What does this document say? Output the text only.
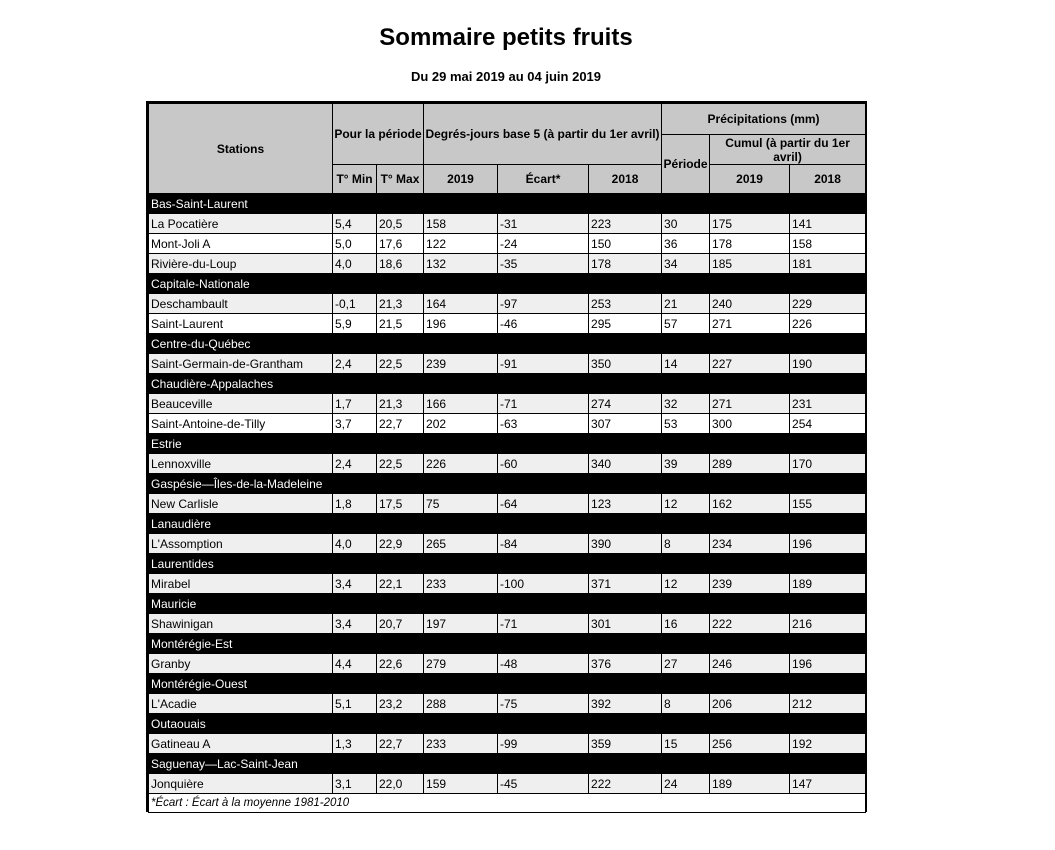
Sommaire petits fruits
Du 29 mai 2019 au 04 juin 2019
Stations	Pour la période		Degrés-jours base 5 (à partir du 1er avril)			Précipitations (mm)		
						Période	Cumul (à partir du 1er avril)	
	T° Min	T° Max	2019	Écart*	2018		2019	2018
Bas-Saint-Laurent								
La Pocatière	5,4	20,5	158	-31	223	30	175	141
Mont-Joli A	5,0	17,6	122	-24	150	36	178	158
Rivière-du-Loup	4,0	18,6	132	-35	178	34	185	181
Capitale-Nationale								
Deschambault	-0,1	21,3	164	-97	253	21	240	229
Saint-Laurent	5,9	21,5	196	-46	295	57	271	226
Centre-du-Québec								
Saint-Germain-de-Grantham	2,4	22,5	239	-91	350	14	227	190
Chaudière-Appalaches								
Beauceville	1,7	21,3	166	-71	274	32	271	231
Saint-Antoine-de-Tilly	3,7	22,7	202	-63	307	53	300	254
Estrie								
Lennoxville	2,4	22,5	226	-60	340	39	289	170
Gaspésie—Îles-de-la-Madeleine								
New Carlisle	1,8	17,5	75	-64	123	12	162	155
Lanaudière								
L'Assomption	4,0	22,9	265	-84	390	8	234	196
Laurentides								
Mirabel	3,4	22,1	233	-100	371	12	239	189
Mauricie								
Shawinigan	3,4	20,7	197	-71	301	16	222	216
Montérégie-Est								
Granby	4,4	22,6	279	-48	376	27	246	196
Montérégie-Ouest								
L'Acadie	5,1	23,2	288	-75	392	8	206	212
Outaouais								
Gatineau A	1,3	22,7	233	-99	359	15	256	192
Saguenay—Lac-Saint-Jean								
Jonquière	3,1	22,0	159	-45	222	24	189	147
*Écart : Écart à la moyenne 1981-2010								
